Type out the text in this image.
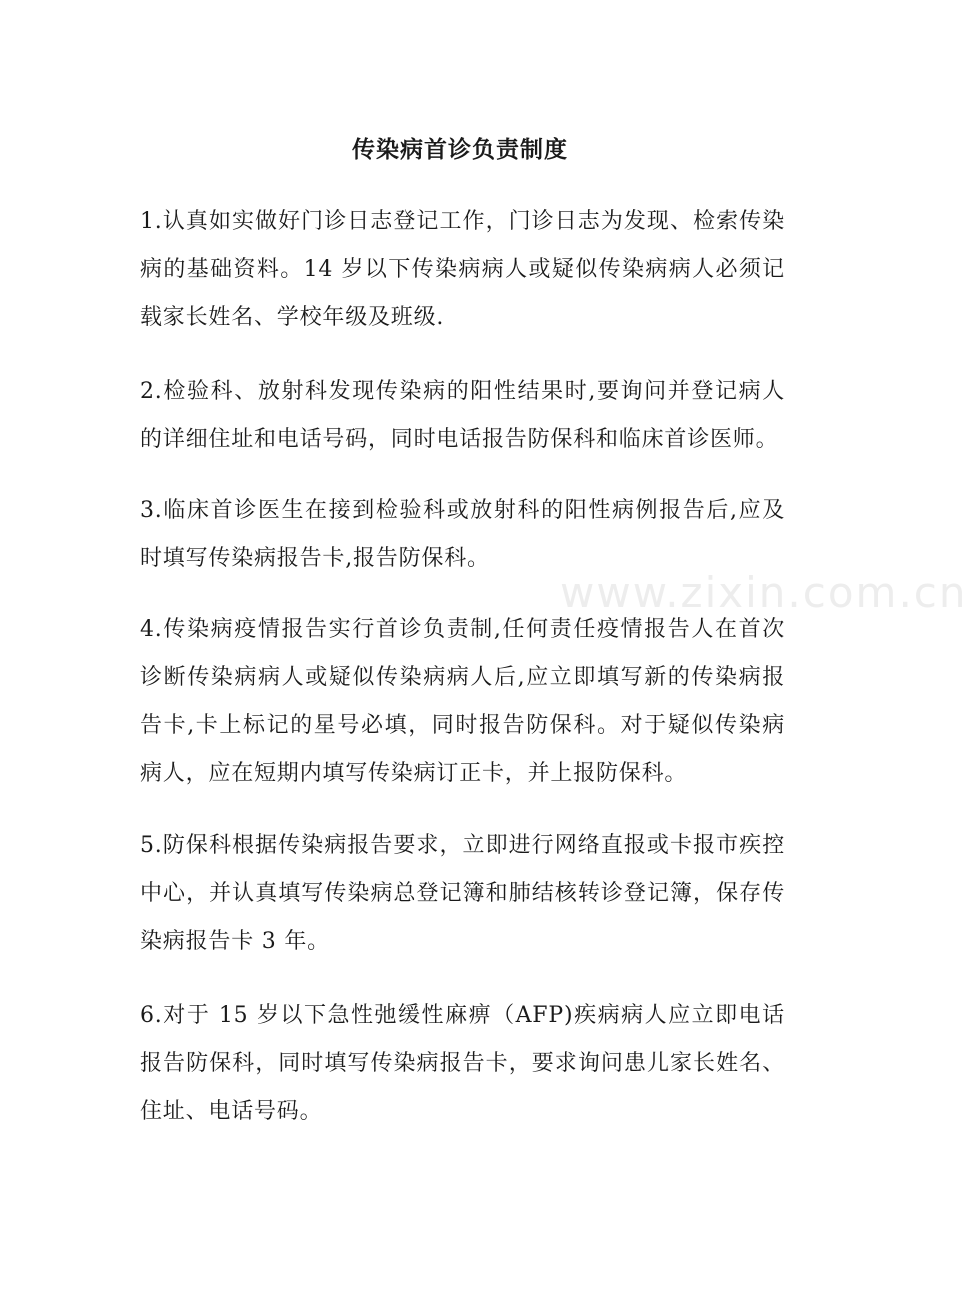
www.zixin.com.cn
传染病首诊负责制度

1.认真如实做好门诊日志登记工作，门诊日志为发现、检索传染病的基础资料。14 岁以下传染病病人或疑似传染病病人必须记载家长姓名、学校年级及班级.

2.检验科、放射科发现传染病的阳性结果时,要询问并登记病人的详细住址和电话号码，同时电话报告防保科和临床首诊医师。

3.临床首诊医生在接到检验科或放射科的阳性病例报告后,应及时填写传染病报告卡,报告防保科。

4.传染病疫情报告实行首诊负责制,任何责任疫情报告人在首次诊断传染病病人或疑似传染病病人后,应立即填写新的传染病报告卡,卡上标记的星号必填，同时报告防保科。对于疑似传染病病人，应在短期内填写传染病订正卡，并上报防保科。

5.防保科根据传染病报告要求，立即进行网络直报或卡报市疾控中心，并认真填写传染病总登记簿和肺结核转诊登记簿，保存传染病报告卡 3 年。

6.对于 15 岁以下急性弛缓性麻痹（AFP)疾病病人应立即电话报告防保科，同时填写传染病报告卡，要求询问患儿家长姓名、住址、电话号码。
